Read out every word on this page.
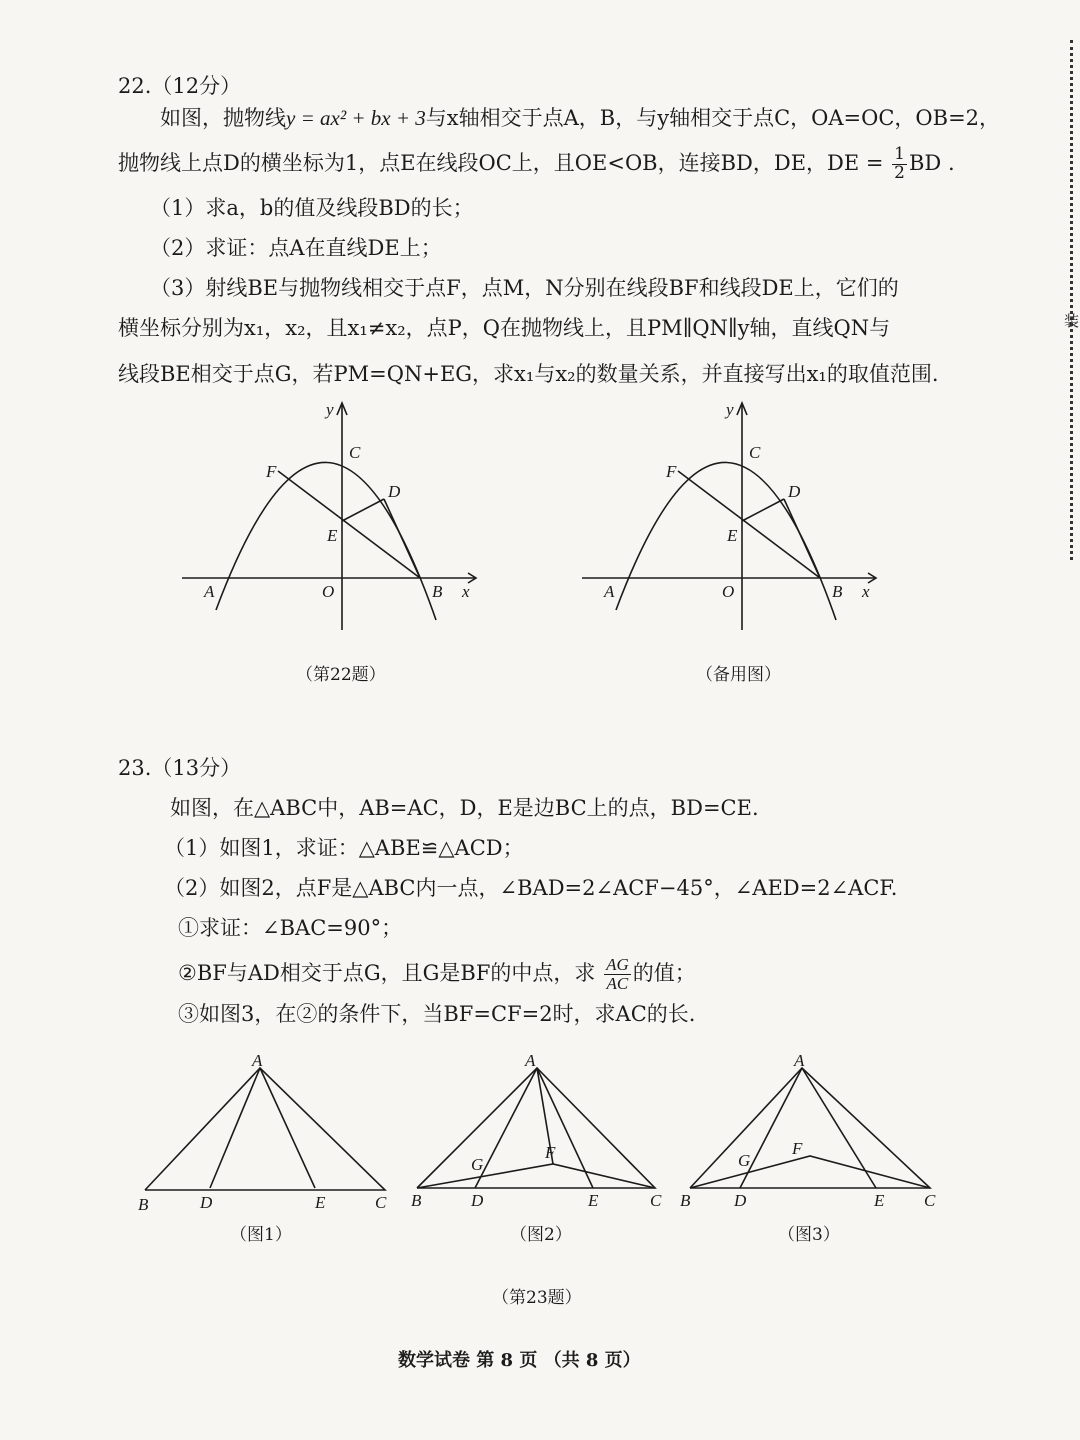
装
22.（12分）
如图，抛物线y = ax² + bx + 3与x轴相交于点A，B，与y轴相交于点C，OA=OC，OB=2，
抛物线上点D的横坐标为1，点E在线段OC上，且OE<OB，连接BD，DE，DE = $\frac{1}{2}$ BD .
（1）求a，b的值及线段BD的长；
（2）求证：点A在直线DE上；
（3）射线BE与抛物线相交于点F，点M，N分别在线段BF和线段DE上，它们的
横坐标分别为x₁，x₂，且x₁≠x₂，点P，Q在抛物线上，且PM∥QN∥y轴，直线QN与
线段BE相交于点G，若PM=QN+EG，求x₁与x₂的数量关系，并直接写出x₁的取值范围.
y
x
A	O	B
C
D
E
F
y
x
A	O	B
C
D
E
F
（第22题）	（备用图）
23.（13分）
如图，在△ABC中，AB=AC，D，E是边BC上的点，BD=CE.
（1）如图1，求证：△ABE≌△ACD；
（2）如图2，点F是△ABC内一点，∠BAD=2∠ACF−45°，∠AED=2∠ACF.
①求证：∠BAC=90°；
②BF与AD相交于点G，且G是BF的中点，求 $\frac{AG}{AC}$ 的值；
③如图3，在②的条件下，当BF=CF=2时，求AC的长.
A
B	D	E	C
A
B	D	E	C
G
F
A
B	D	E C
G
F
（图1）	（图2）	（图3）
（第23题）
数学试卷 第 8 页 （共 8 页）
